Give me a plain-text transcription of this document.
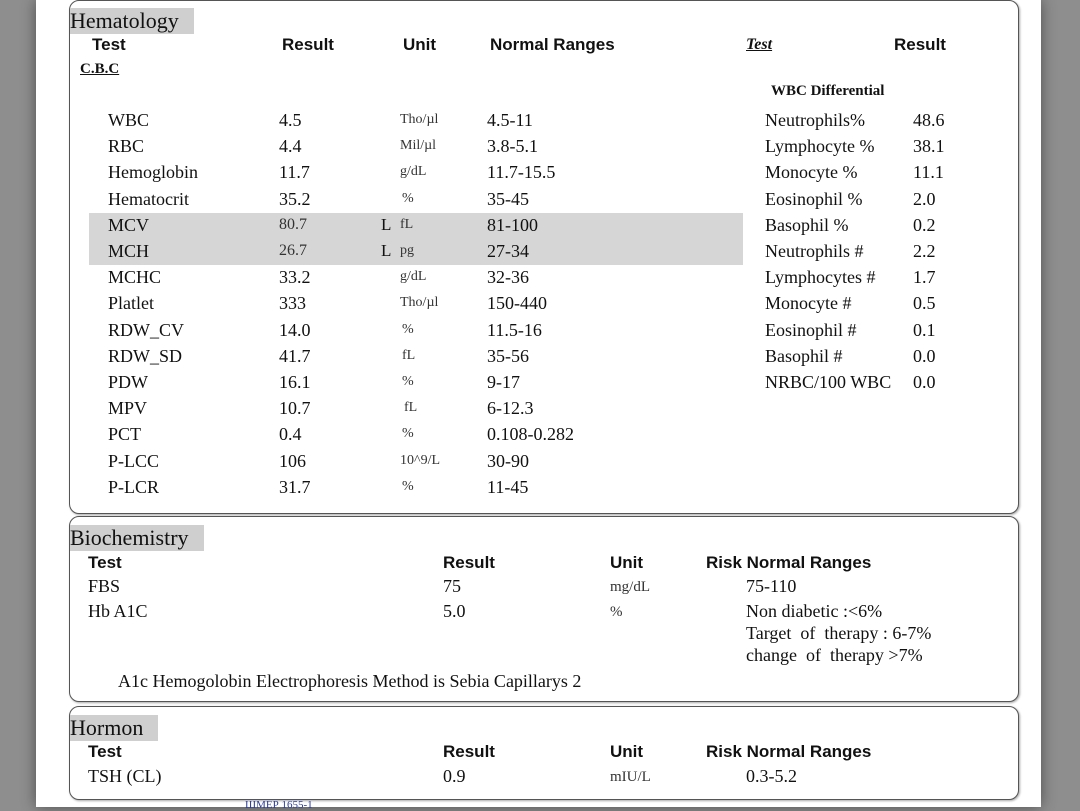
Hematology
Test	Result	Unit	Normal Ranges	Test	Result
C.B.C
WBC Differential
WBC	4.5	Tho/µl	4.5-11
RBC	4.4	Mil/µl	3.8-5.1
Hemoglobin	11.7	g/dL	11.7-15.5
Hematocrit	35.2	%	35-45
MCV	80.7	L fL	81-100
MCH	26.7	L pg	27-34
MCHC	33.2	g/dL	32-36
Platlet	333	Tho/µl	150-440
RDW_CV	14.0	%	11.5-16
RDW_SD	41.7	fL	35-56
PDW	16.1	%	9-17
MPV	10.7	fL	6-12.3
PCT	0.4	%	0.108-0.282
P-LCC	106	10^9/L	30-90
P-LCR	31.7	%	11-45
Neutrophils%	48.6
Lymphocyte % 38.1
Monocyte %	11.1
Eosinophil %	2.0
Basophil %	0.2
Neutrophils #	2.2
Lymphocytes # 1.7
Monocyte #	0.5
Eosinophil #	0.1
Basophil #	0.0
NRBC/100 WBC 0.0
Biochemistry
Test	Result	Unit	Risk Normal Ranges
FBS	75	mg/dL	75-110
Hb A1C	5.0	%	Non diabetic :<6%
Target  of  therapy : 6-7%
change  of  therapy >7%
A1c Hemogolobin Electrophoresis Method is Sebia Capillarys 2
Hormon
Test	Result	Unit	Risk Normal Ranges
TSH (CL)	0.9	mIU/L	0.3-5.2
ШМЕР 1655-1
